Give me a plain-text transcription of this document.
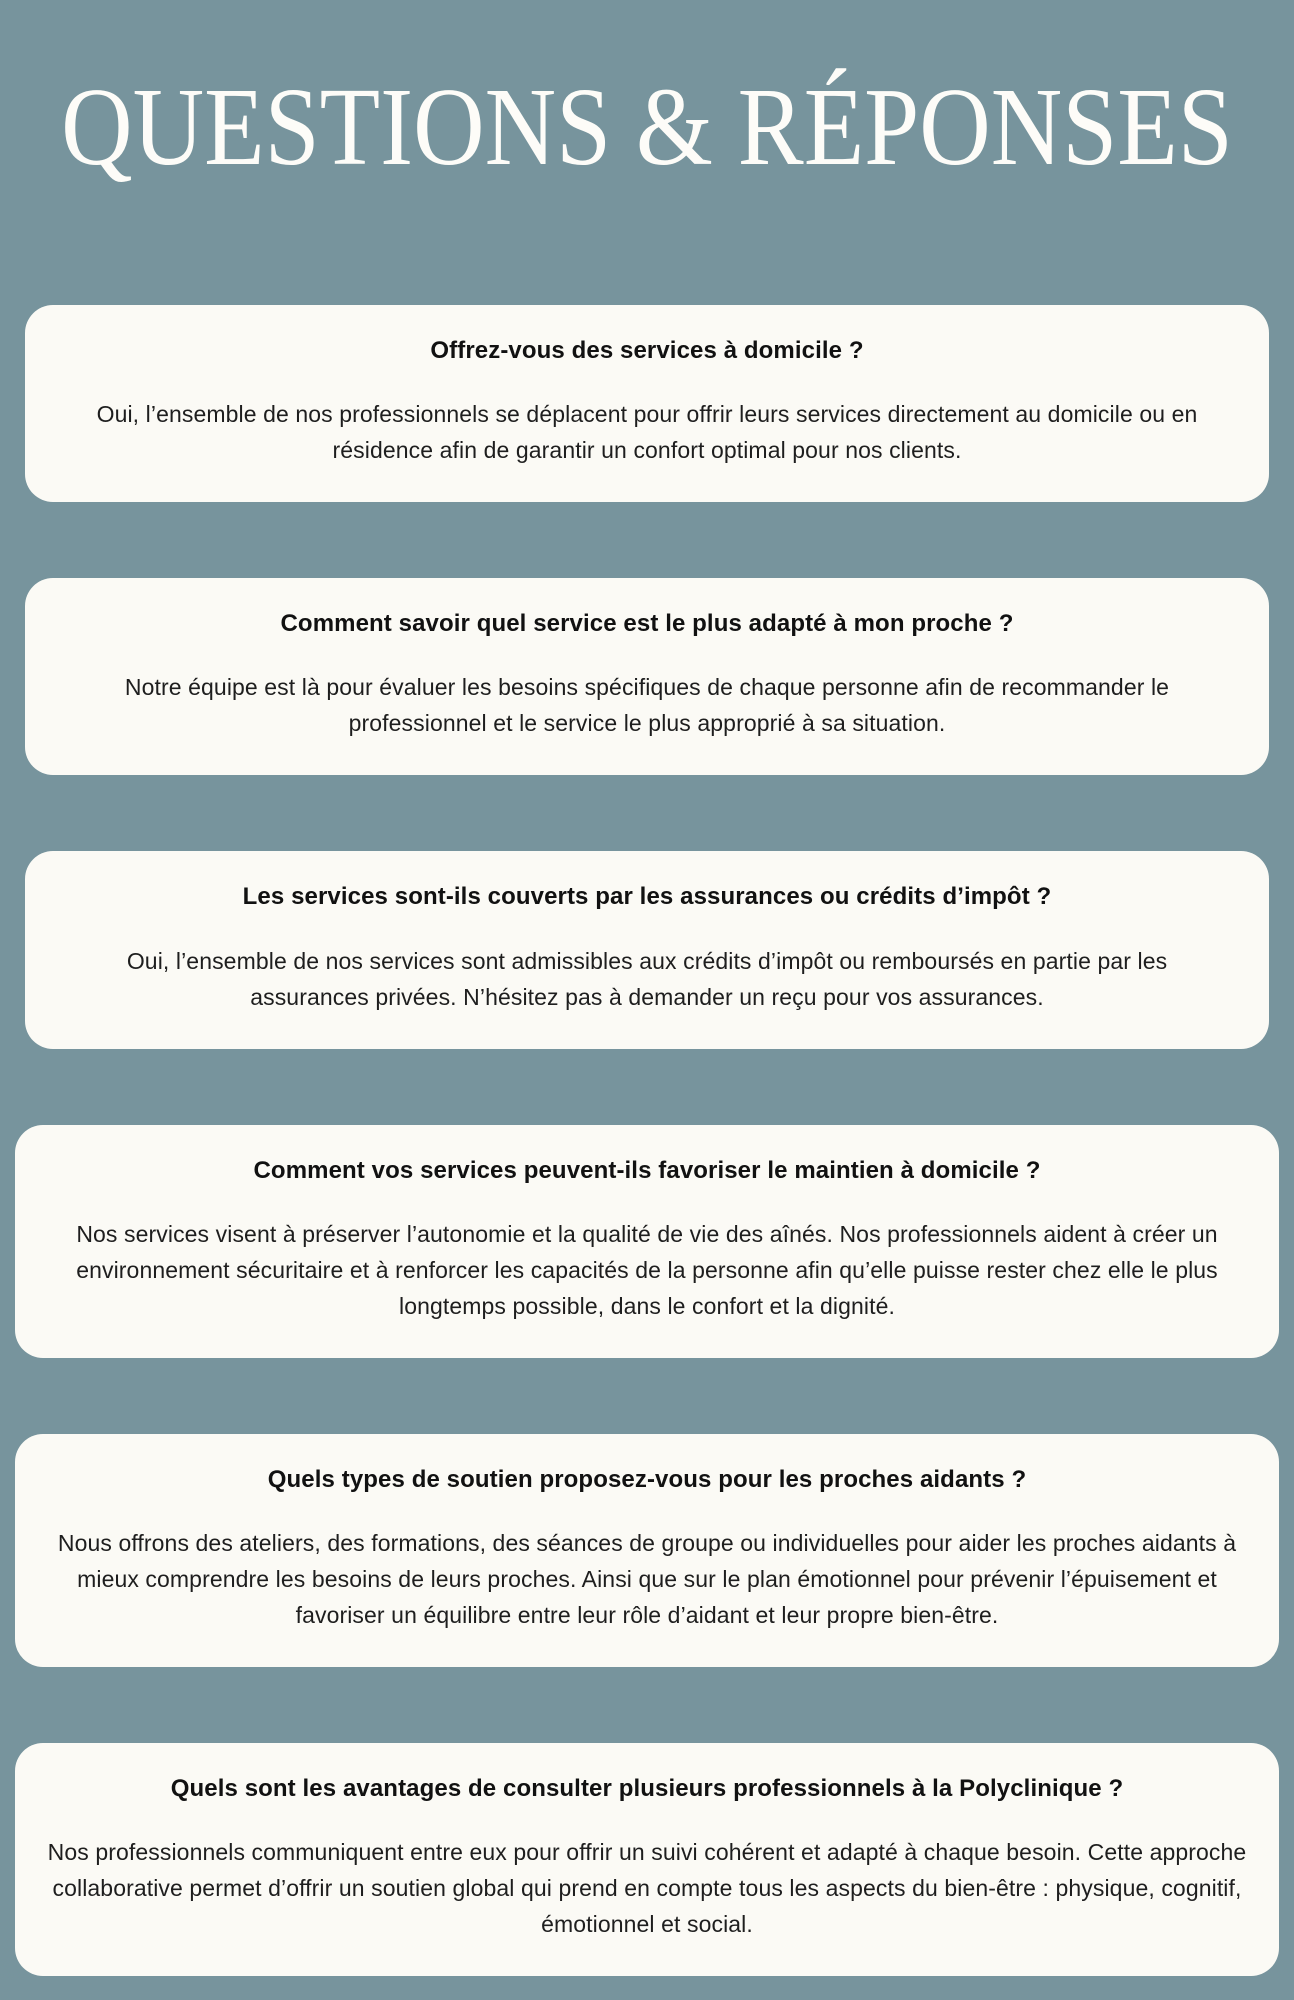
QUESTIONS & RÉPONSES
Offrez-vous des services à domicile ?

Oui, l’ensemble de nos professionnels se déplacent pour offrir leurs services directement au domicile ou en résidence afin de garantir un confort optimal pour nos clients.

Comment savoir quel service est le plus adapté à mon proche ?

Notre équipe est là pour évaluer les besoins spécifiques de chaque personne afin de recommander le professionnel et le service le plus approprié à sa situation.

Les services sont-ils couverts par les assurances ou crédits d’impôt ?

Oui, l’ensemble de nos services sont admissibles aux crédits d’impôt ou remboursés en partie par les assurances privées. N’hésitez pas à demander un reçu pour vos assurances.

Comment vos services peuvent-ils favoriser le maintien à domicile ?

Nos services visent à préserver l’autonomie et la qualité de vie des aînés. Nos professionnels aident à créer un environnement sécuritaire et à renforcer les capacités de la personne afin qu’elle puisse rester chez elle le plus longtemps possible, dans le confort et la dignité.

Quels types de soutien proposez-vous pour les proches aidants ?

Nous offrons des ateliers, des formations, des séances de groupe ou individuelles pour aider les proches aidants à mieux comprendre les besoins de leurs proches. Ainsi que sur le plan émotionnel pour prévenir l’épuisement et favoriser un équilibre entre leur rôle d’aidant et leur propre bien-être.

Quels sont les avantages de consulter plusieurs professionnels à la Polyclinique ?

Nos professionnels communiquent entre eux pour offrir un suivi cohérent et adapté à chaque besoin. Cette approche collaborative permet d’offrir un soutien global qui prend en compte tous les aspects du bien-être : physique, cognitif, émotionnel et social.
